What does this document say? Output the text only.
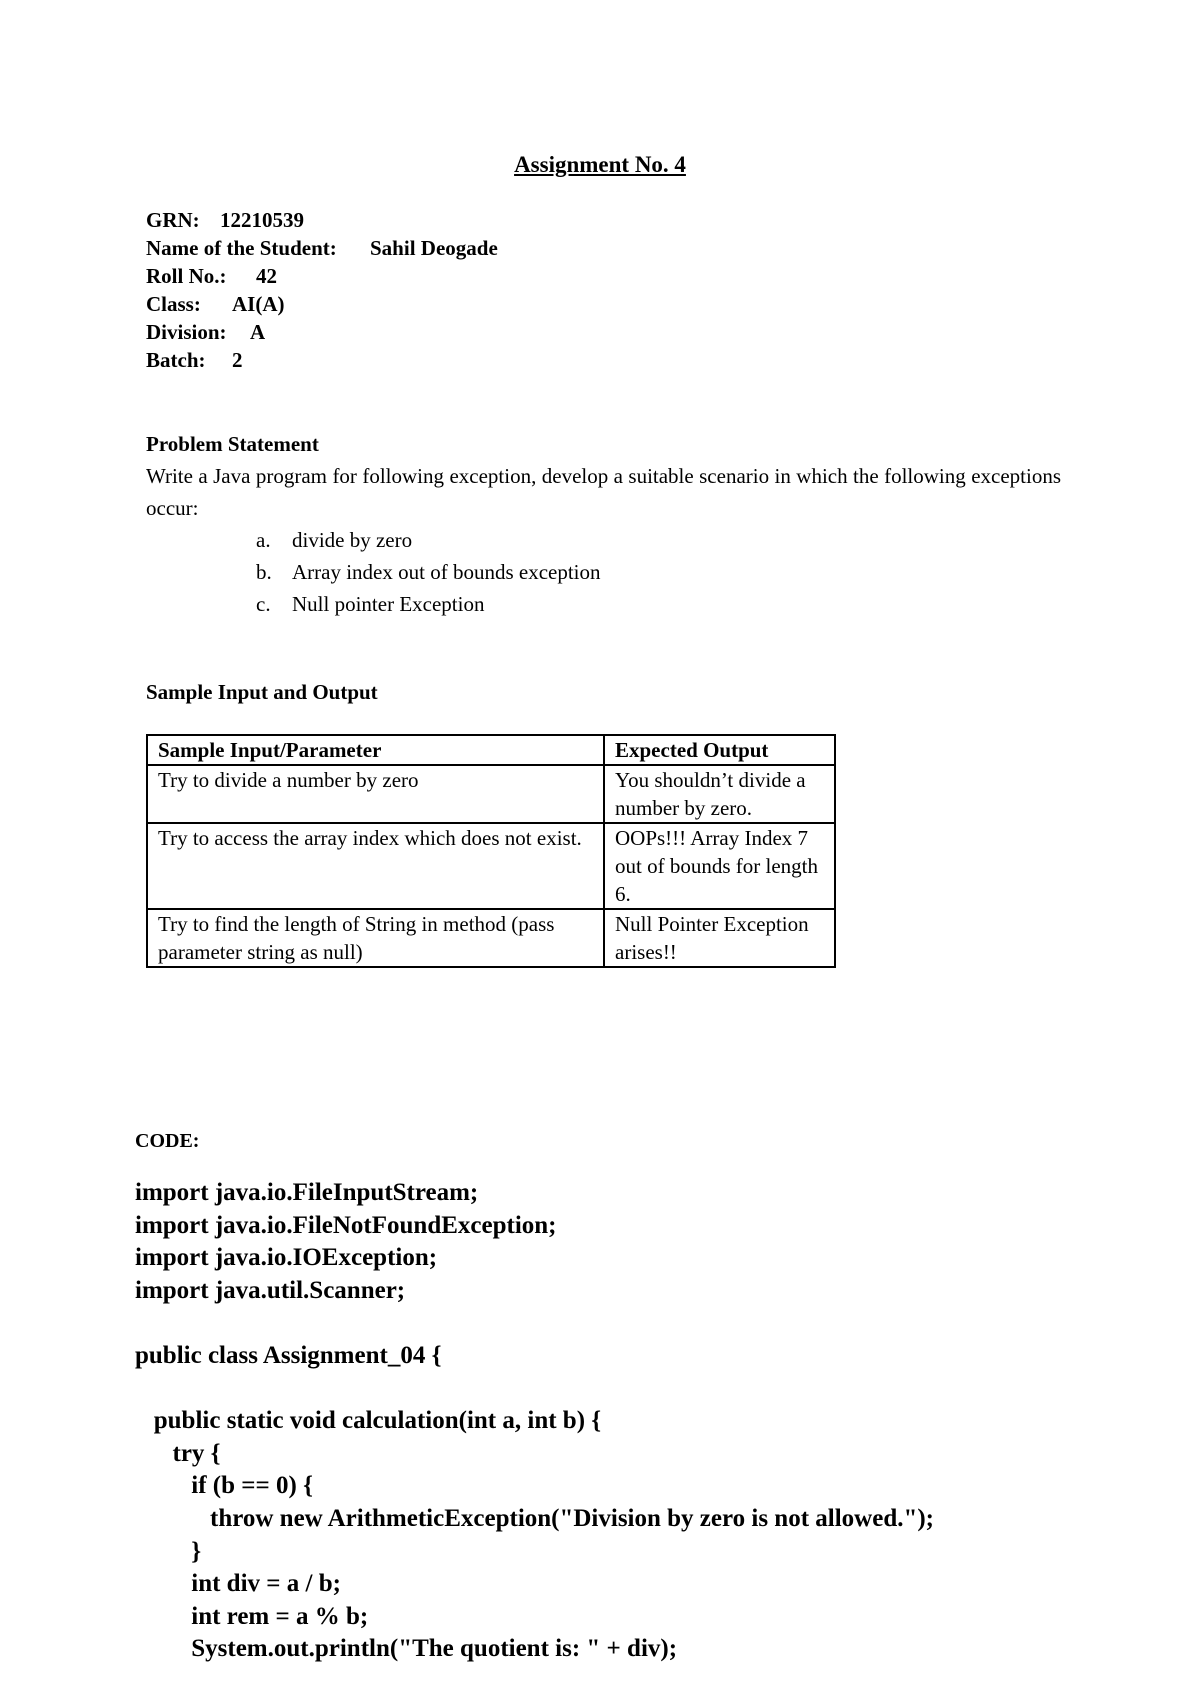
Assignment No. 4
GRN: 12210539
Name of the Student: Sahil Deogade
Roll No.: 42
Class: AI(A)
Division: A
Batch: 2
Problem Statement
Write a Java program for following exception, develop a suitable scenario in which the following exceptions occur:
a. divide by zero
b. Array index out of bounds exception
c. Null pointer Exception
Sample Input and Output
Sample Input/Parameter	Expected Output
Try to divide a number by zero	You shouldn’t divide a number by zero.
Try to access the array index which does not exist.	OOPs!!! Array Index 7 out of bounds for length 6.
Try to find the length of String in method (pass parameter string as null)	Null Pointer Exception arises!!
CODE:
import java.io.FileInputStream;
import java.io.FileNotFoundException;
import java.io.IOException;
import java.util.Scanner;
public class Assignment_04 {
public static void calculation(int a, int b) {
try {
if (b == 0) {
throw new ArithmeticException("Division by zero is not allowed.");
}
int div = a / b;
int rem = a % b;
System.out.println("The quotient is: " + div);
